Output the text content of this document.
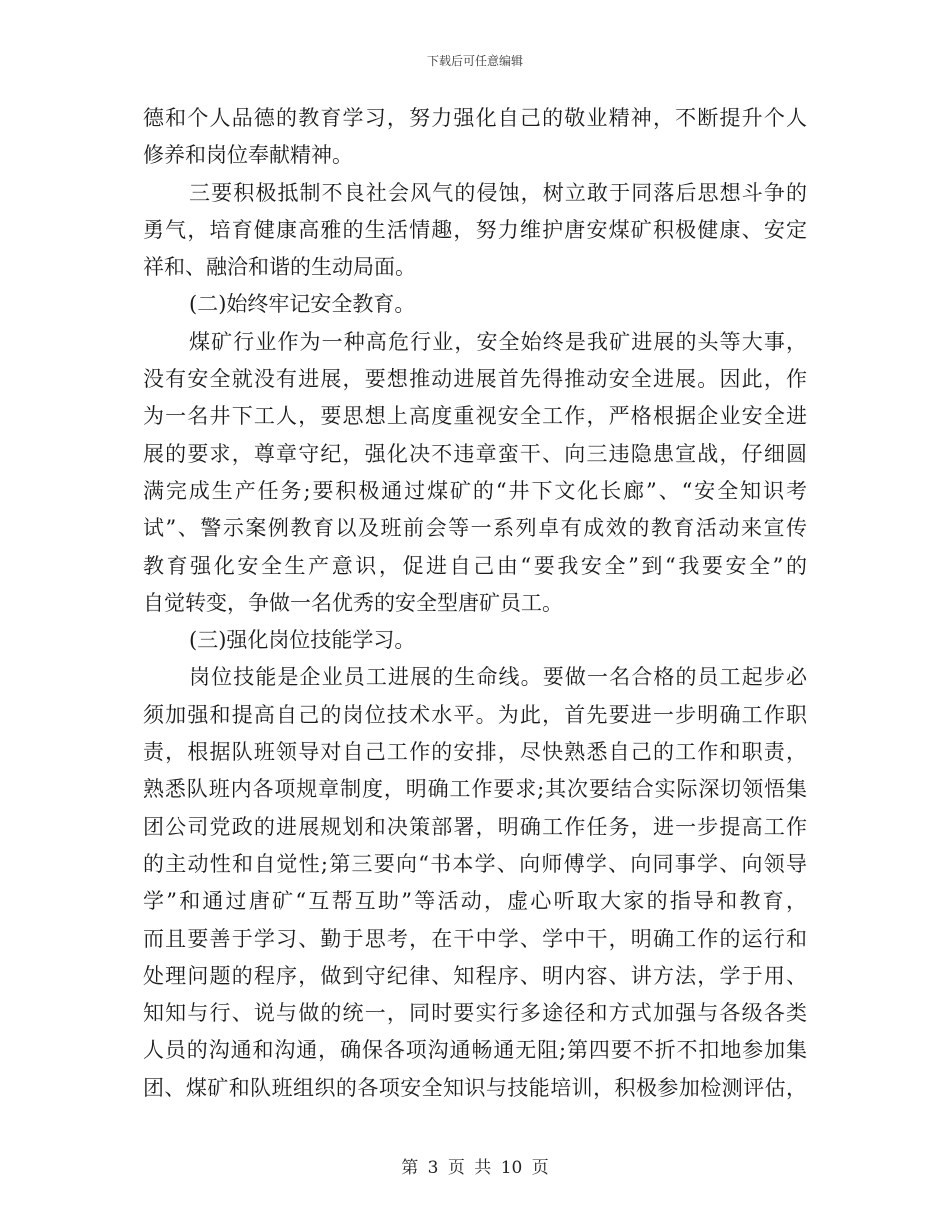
下载后可任意编辑
德和个人品德的教育学习，努力强化自己的敬业精神，不断提升个人
修养和岗位奉献精神。
三要积极抵制不良社会风气的侵蚀，树立敢于同落后思想斗争的
勇气，培育健康高雅的生活情趣，努力维护唐安煤矿积极健康、安定
祥和、融洽和谐的生动局面。
(二)始终牢记安全教育。
煤矿行业作为一种高危行业，安全始终是我矿进展的头等大事，
没有安全就没有进展，要想推动进展首先得推动安全进展。因此，作
为一名井下工人，要思想上高度重视安全工作，严格根据企业安全进
展的要求，尊章守纪，强化决不违章蛮干、向三违隐患宣战，仔细圆
满完成生产任务;要积极通过煤矿的“井下文化长廊”、“安全知识考
试”、警示案例教育以及班前会等一系列卓有成效的教育活动来宣传
教育强化安全生产意识，促进自己由“要我安全”到“我要安全”的
自觉转变，争做一名优秀的安全型唐矿员工。
(三)强化岗位技能学习。
岗位技能是企业员工进展的生命线。要做一名合格的员工起步必
须加强和提高自己的岗位技术水平。为此，首先要进一步明确工作职
责，根据队班领导对自己工作的安排，尽快熟悉自己的工作和职责，
熟悉队班内各项规章制度，明确工作要求;其次要结合实际深切领悟集
团公司党政的进展规划和决策部署，明确工作任务，进一步提高工作
的主动性和自觉性;第三要向“书本学、向师傅学、向同事学、向领导
学”和通过唐矿“互帮互助”等活动，虚心听取大家的指导和教育，
而且要善于学习、勤于思考，在干中学、学中干，明确工作的运行和
处理问题的程序，做到守纪律、知程序、明内容、讲方法，学于用、
知知与行、说与做的统一，同时要实行多途径和方式加强与各级各类
人员的沟通和沟通，确保各项沟通畅通无阻;第四要不折不扣地参加集
团、煤矿和队班组织的各项安全知识与技能培训，积极参加检测评估，
第 3 页 共 10 页
